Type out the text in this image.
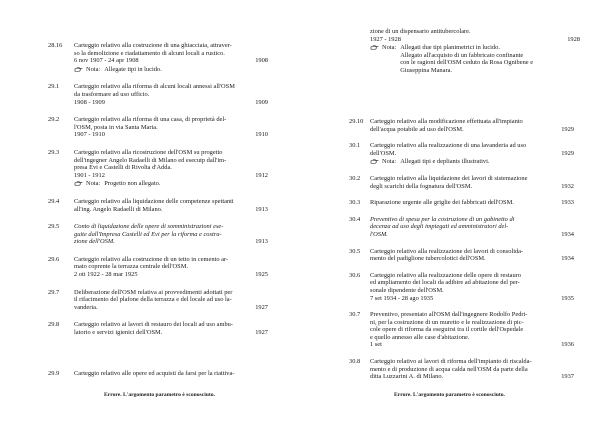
28.16	Carteggio relativo alla costruzione di una ghiacciaia, attraver-
so la demolizione e riadattamento di alcuni locali a rustico.
6 nov 1907 - 24 apr 1908	1908
Nota: Allegate tipi in lucido.
29.1	Carteggio relativo alla riforma di alcuni locali annessi all'OSM
da trasformare ad uso ufficio.
1908 - 1909	1909
29.2	Carteggio relativo alla riforma di una casa, di proprietà del-
l'OSM, posta in via Santa Maria.
1907 - 1910	1910
29.3	Carteggio relativo alla ricostruzione dell'OSM su progetto
dell'ingegner Angelo Radaelli di Milano ed esecutp dall'im-
presa Evi e Castelli di Rivolta d'Adda.
1901 - 1912	1912
Nota: Progetto non allegato.
29.4	Carteggio relativo alla liquidazione delle competenze spettanti
all'ing. Angelo Radaelli di Milano.	1913
29.5	Conto di liquidazione delle opere di somministrazioni ese-
guite dall'Impresa Castelli ed Evi per la riforma e costru-
zione dell'OSM.	1913
29.6	Carteggio relativo alla costruzione di un tetto in cemento ar-
mato coprente la terrazza centrale dell'OSM.
2 ott 1922 - 28 mar 1925	1925
29.7	Deliberazione dell'OSM relativa ai provvedimenti adottati per
il rifacimento del plafone della terrazza e del locale ad uso la-
vanderia.	1927
29.8	Carteggio relativo ai lavori di restauro dei locali ad uso ambu-
latorio e servizi igienici dell'OSM.	1927
29.9	Carteggio relativo alle opere ed acquisti da farsi per la riattiva-
Errore. L'argomento parametro è sconosciuto.
zione di un dispensario antitubercolare.
1927 - 1928	1928
Nota: Allegati due tipi planimetrici in lucido.
Allegato all'acquisto di un fabbricato confinante
con le ragioni dell'OSM ceduto da Rosa Ognibene e
Giuseppina Manara.
29.10	Carteggio relativo alla modificazione effettuata all'impianto
dell'acqua potabile ad uso dell'OSM.	1929
30.1	Carteggio relativo alla realizzazione di una lavanderia ad uso
dell'OSM.	1929
Nota: Allegati tipi e depliants illustrativi.
30.2	Carteggio relativo alla liquidazione dei lavori di sistemazione
degli scarichi della fognatura dell'OSM.	1932
30.3	Riparazione urgente alle griglie dei fabbricati dell'OSM.	1933
30.4	Preventivo di spesa per la costruzione di un gabinetto di
decenza ad uso degli impiegati ed amministratori del-
l'OSM.	1934
30.5	Carteggio relativo alla realizzazione dei lavori di consolida-
mento del padiglione tubercolotici dell'OSM.	1934
30.6	Carteggio relativo alla realizzazione delle opere di restauro
ed ampliamento dei locali da adibire ad abitazione del per-
sonale dipendente dell'OSM.
7 set 1934 - 28 ago 1935	1935
30.7	Preventivo, presentato all'OSM dall'ingegnere Rodolfo Pedri-
ni, per la costruzione di un muretto e le realizzazione di pic-
cole opere di riforma da eseguirsi tra il cortile dell'Ospedale
e quello annesso alle case d'abitazione.
1 set	1936
30.8	Carteggio relativo ai lavori di riforma dell'impianto di riscalda-
mento e di produzione di acqua calda nell'OSM da parte della
ditta Luzzarini A. di Milano.	1937
Errore. L'argomento parametro è sconosciuto.
